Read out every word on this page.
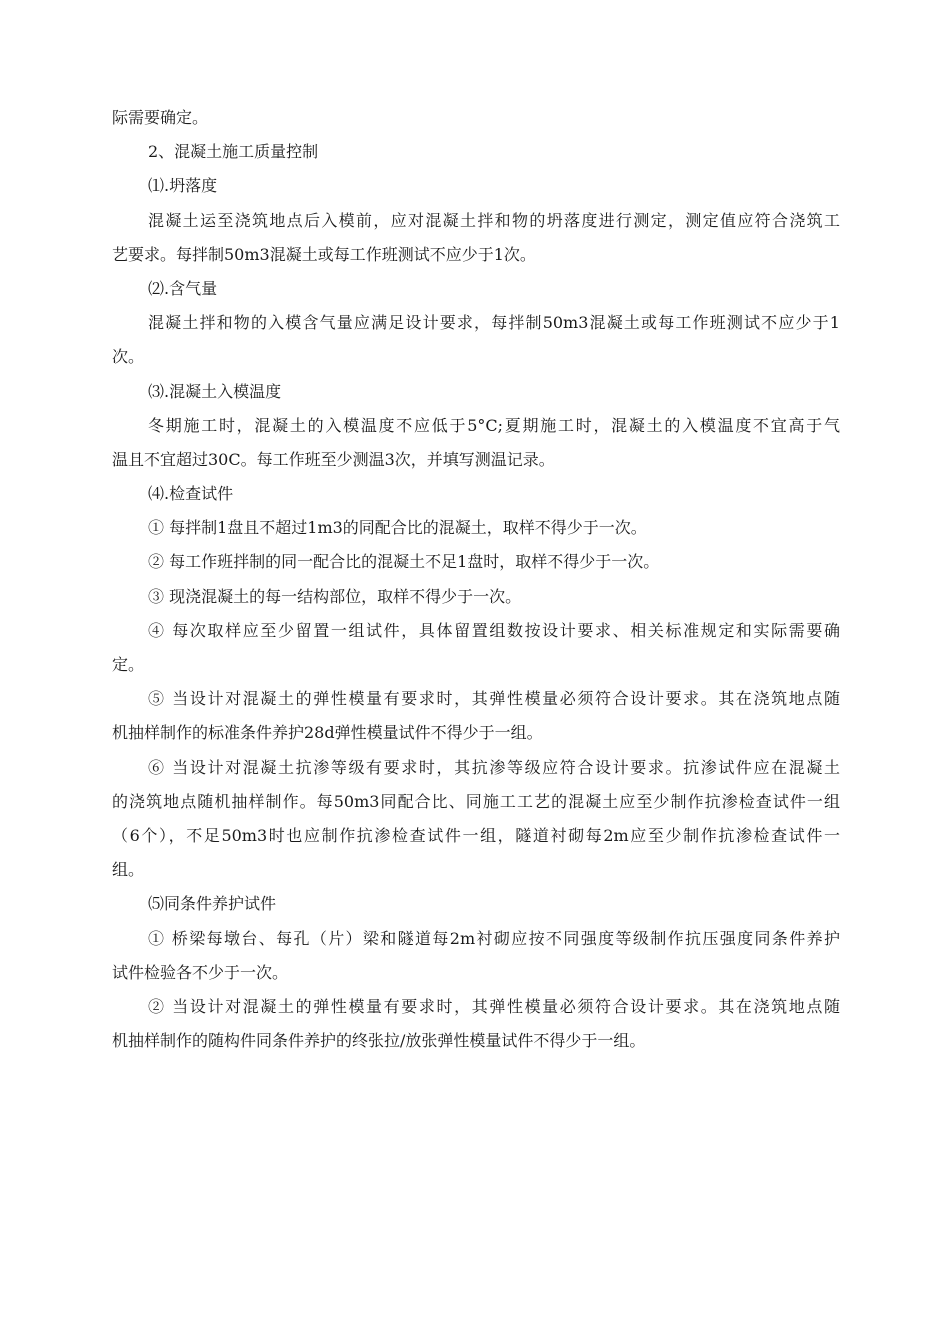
际需要确定。

2、混凝土施工质量控制

⑴.坍落度

混凝土运至浇筑地点后入模前，应对混凝土拌和物的坍落度进行测定，测定值应符合浇筑工

艺要求。每拌制50m3混凝土或每工作班测试不应少于1次。

⑵.含气量

混凝土拌和物的入模含气量应满足设计要求，每拌制50m3混凝土或每工作班测试不应少于1

次。

⑶.混凝土入模温度

冬期施工时，混凝土的入模温度不应低于5°C;夏期施工时，混凝土的入模温度不宜高于气

温且不宜超过30C。每工作班至少测温3次，并填写测温记录。

⑷.检查试件

① 每拌制1盘且不超过1m3的同配合比的混凝土，取样不得少于一次。

② 每工作班拌制的同一配合比的混凝土不足1盘时，取样不得少于一次。

③ 现浇混凝土的每一结构部位，取样不得少于一次。

④ 每次取样应至少留置一组试件，具体留置组数按设计要求、相关标准规定和实际需要确

定。

⑤ 当设计对混凝土的弹性模量有要求时，其弹性模量必须符合设计要求。其在浇筑地点随

机抽样制作的标准条件养护28d弹性模量试件不得少于一组。

⑥ 当设计对混凝土抗渗等级有要求时，其抗渗等级应符合设计要求。抗渗试件应在混凝土

的浇筑地点随机抽样制作。每50m3同配合比、同施工工艺的混凝土应至少制作抗渗检查试件一组

（6个），不足50m3时也应制作抗渗检查试件一组，隧道衬砌每2m应至少制作抗渗检查试件一

组。

⑸同条件养护试件

① 桥梁每墩台、每孔（片）梁和隧道每2m衬砌应按不同强度等级制作抗压强度同条件养护

试件检验各不少于一次。

② 当设计对混凝土的弹性模量有要求时，其弹性模量必须符合设计要求。其在浇筑地点随

机抽样制作的随构件同条件养护的终张拉/放张弹性模量试件不得少于一组。
